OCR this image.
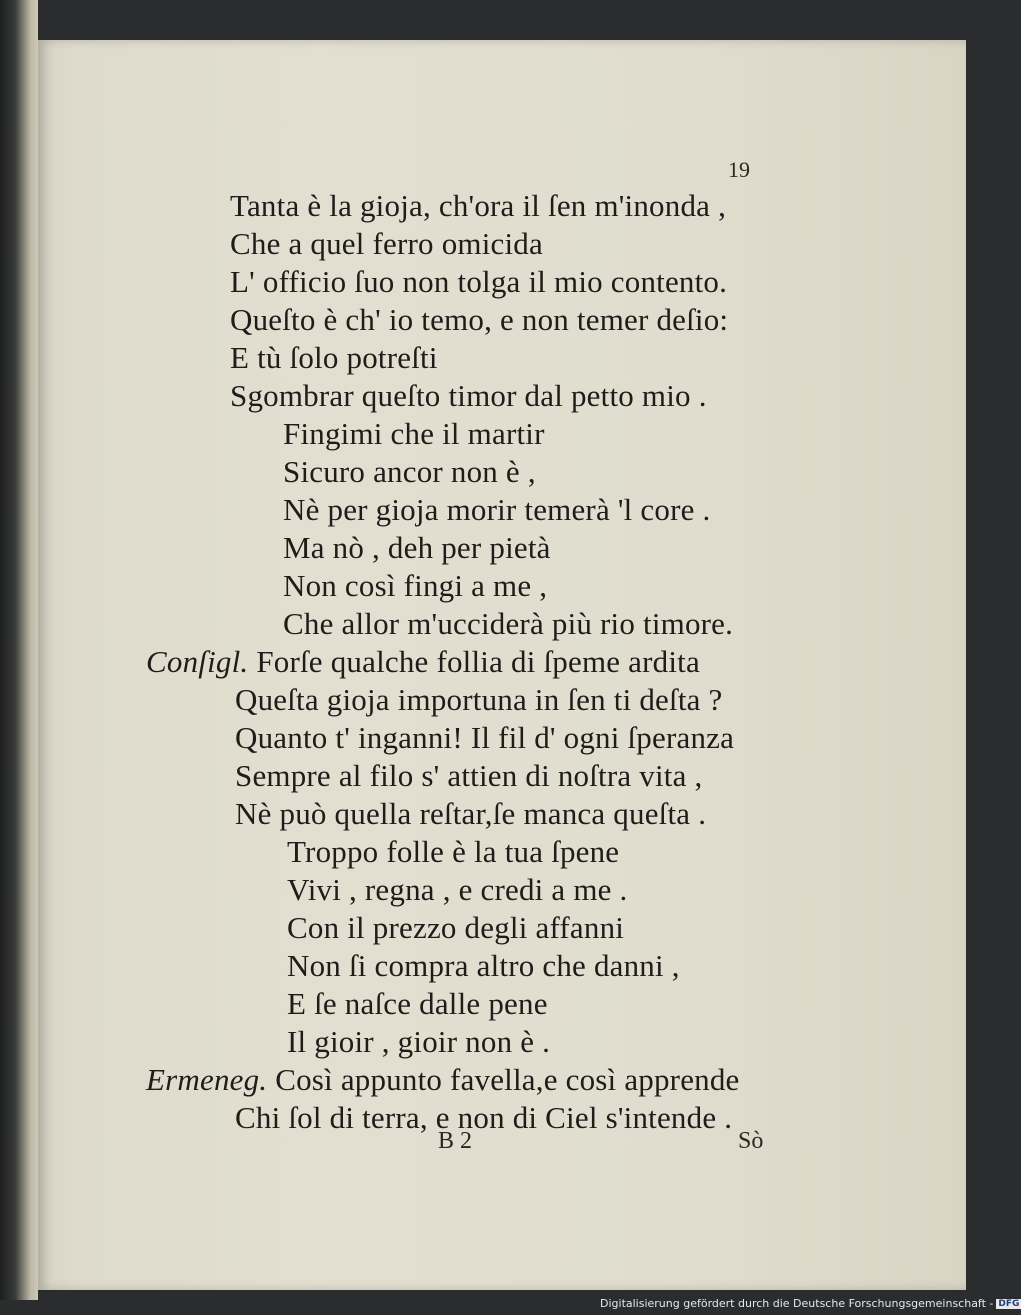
19
Tanta è la gioja, ch'ora il ſen m'inonda ,
Che a quel ferro omicida
L' officio ſuo non tolga il mio contento.
Queſto è ch' io temo, e non temer deſio:
E tù ſolo potreſti
Sgombrar queſto timor dal petto mio .
Fingimi che il martir
Sicuro ancor non è ,
Nè per gioja morir temerà 'l core .
Ma nò , deh per pietà
Non così fingi a me ,
Che allor m'ucciderà più rio timore.
Conſigl. Forſe qualche follia di ſpeme ardita
Queſta gioja importuna in ſen ti deſta ?
Quanto t' inganni! Il fil d' ogni ſperanza
Sempre al filo s' attien di noſtra vita ,
Nè può quella reſtar,ſe manca queſta .
Troppo folle è la tua ſpene
Vivi , regna , e credi a me .
Con il prezzo degli affanni
Non ſi compra altro che danni ,
E ſe naſce dalle pene
Il gioir , gioir non è .
Ermeneg. Così appunto favella,e così apprende
Chi ſol di terra, e non di Ciel s'intende .
B 2	Sò
Digitalisierung gefördert durch die Deutsche Forschungsgemeinschaft - DFG
